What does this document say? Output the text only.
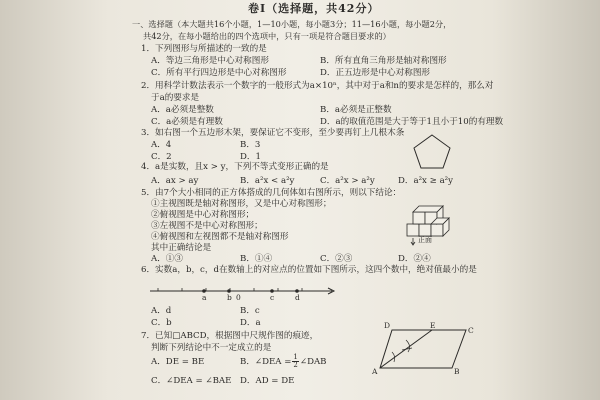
卷Ⅰ（选择题，共42分）
一、选择题（本大题共16个小题，1—10小题，每小题3分；11—16小题，每小题2分，
共42分，在每小题给出的四个选项中，只有一项是符合题目要求的）
1．下列图形与所描述的一致的是
A．等边三角形是中心对称图形	B．所有直角三角形是轴对称图形
C．所有平行四边形是中心对称图形	D．正五边形是中心对称图形
2．用科学计数法表示一个数字的一般形式为a×10ⁿ，其中对于a和n的要求是怎样的，那么对
于a的要求是
A．a必须是整数	B．a必须是正整数
C．a必须是有理数	D．a的取值范围是大于等于1且小于10的有理数
3．如右图一个五边形木架，要保证它不变形，至少要再钉上几根木条
A．4	B．3
C．2	D．1
4．a是实数，且x > y，下列不等式变形正确的是
A．ax > ay	B．a²x < a²y	C．a²x > a²y	D．a²x ≥ a²y
5．由7个大小相同的正方体搭成的几何体如右图所示，则以下结论：
①主视图既是轴对称图形，又是中心对称图形；
②俯视图是中心对称图形；
③左视图不是中心对称图形；
④俯视图和左视图都不是轴对称图形
其中正确结论是
A．①③	B．①④	C．②③	D．②④
正面
6．实数a，b，c，d在数轴上的对应点的位置如下图所示，这四个数中，绝对值最小的是
a	b 0	c	d
A．d	B．c
C．b	D．a
7．已知□ABCD，根据图中尺规作图的痕迹，
判断下列结论中不一定成立的是
A．DE = BE	B．∠DEA = $\frac{1}{2}$ ∠DAB
C．∠DEA = ∠BAE D．AD = DE
D	E
C
A	B
